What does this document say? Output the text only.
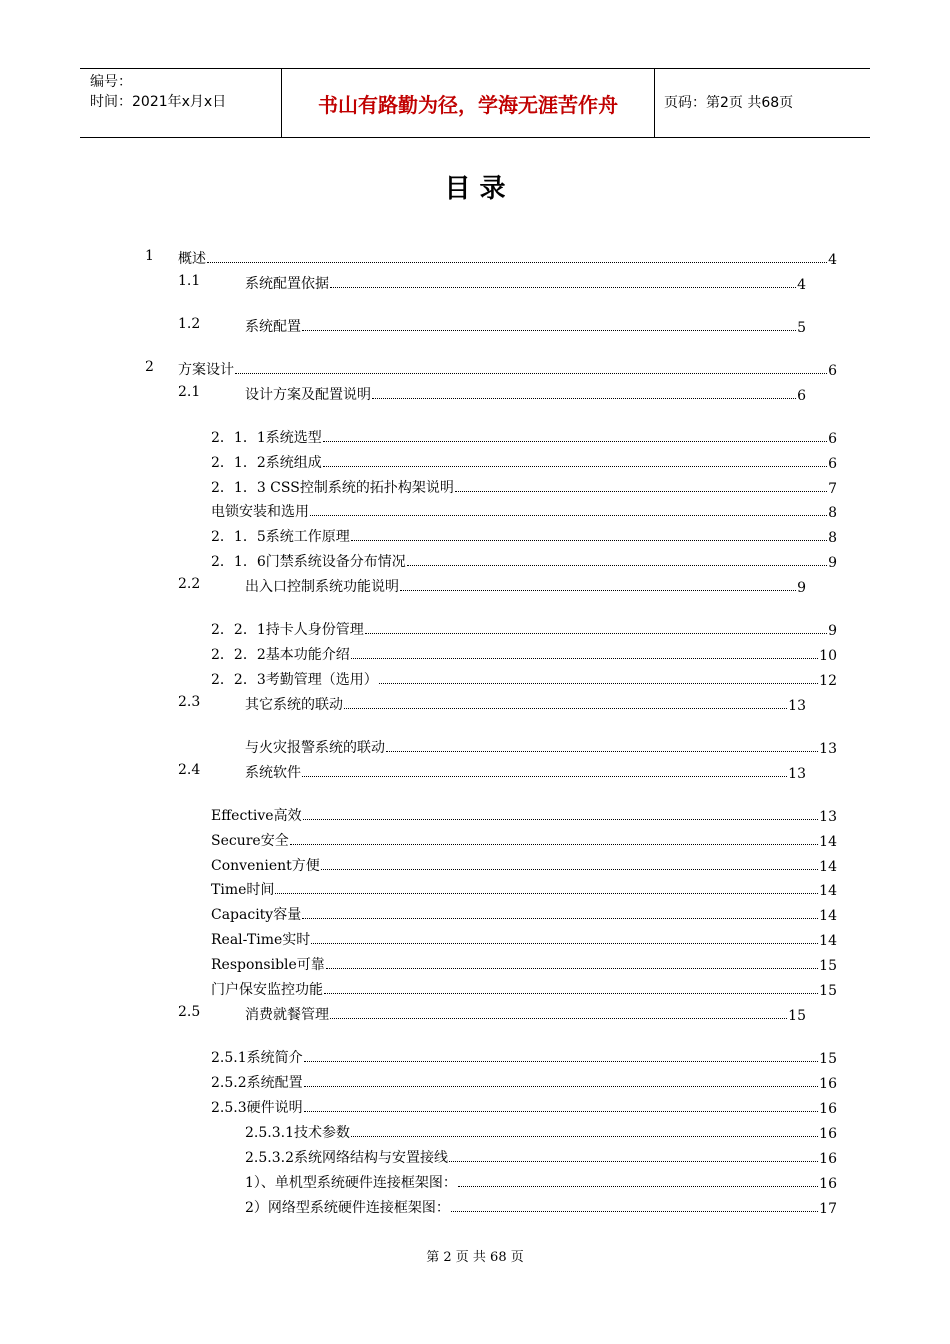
编号：
时间：2021年x月x日	书山有路勤为径，学海无涯苦作舟	页码：第2页 共68页
目 录
1 概述	4
1.1	系统配置依据	4
1.2	系统配置	5
2 方案设计	6
2.1	设计方案及配置说明	6
2．1．1系统选型	6
2．1．2系统组成	6
2．1．3 CSS控制系统的拓扑构架说明	7
电锁安装和选用	8
2．1．5系统工作原理	8
2．1．6门禁系统设备分布情况	9
2.2	出入口控制系统功能说明	9
2．2．1持卡人身份管理	9
2．2．2基本功能介绍	10
2．2．3考勤管理（选用）	12
2.3	其它系统的联动	13
与火灾报警系统的联动	13
2.4	系统软件	13
Effective高效	13
Secure安全	14
Convenient方便	14
Time时间	14
Capacity容量	14
Real-Time实时	14
Responsible可靠	15
门户保安监控功能	15
2.5	消费就餐管理	15
2.5.1系统简介	15
2.5.2系统配置	16
2.5.3硬件说明	16
2.5.3.1技术参数	16
2.5.3.2系统网络结构与安置接线	16
1）、单机型系统硬件连接框架图：	16
2）网络型系统硬件连接框架图：	17
第 2 页 共 68 页
